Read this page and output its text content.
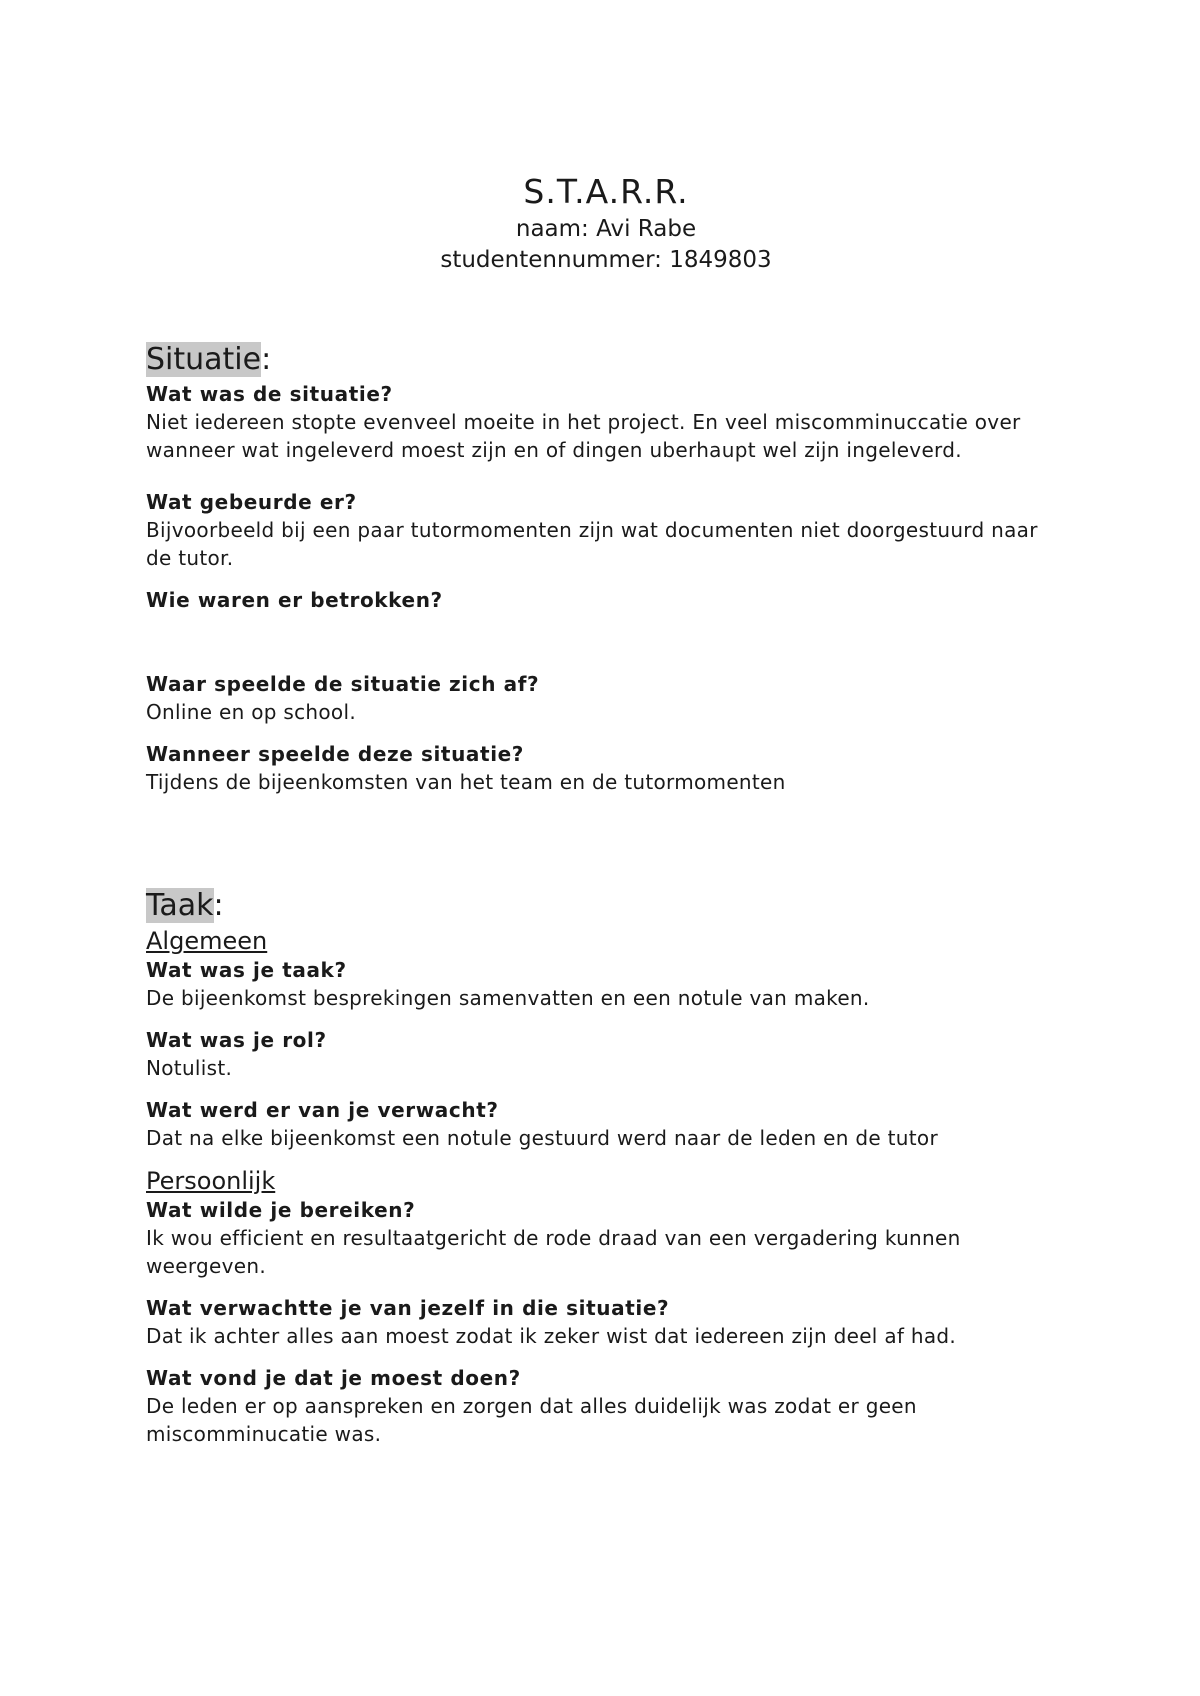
S.T.A.R.R.
naam: Avi Rabe
studentennummer: 1849803
Situatie:
Wat was de situatie?
Niet iedereen stopte evenveel moeite in het project. En veel miscomminuccatie over wanneer wat ingeleverd moest zijn en of dingen uberhaupt wel zijn ingeleverd.
Wat gebeurde er?
Bijvoorbeeld bij een paar tutormomenten zijn wat documenten niet doorgestuurd naar de tutor.
Wie waren er betrokken?
Waar speelde de situatie zich af?
Online en op school.
Wanneer speelde deze situatie?
Tijdens de bijeenkomsten van het team en de tutormomenten
Taak:
Algemeen
Wat was je taak?
De bijeenkomst besprekingen samenvatten en een notule van maken.
Wat was je rol?
Notulist.
Wat werd er van je verwacht?
Dat na elke bijeenkomst een notule gestuurd werd naar de leden en de tutor
Persoonlijk
Wat wilde je bereiken?
Ik wou efficient en resultaatgericht de rode draad van een vergadering kunnen weergeven.
Wat verwachtte je van jezelf in die situatie?
Dat ik achter alles aan moest zodat ik zeker wist dat iedereen zijn deel af had.
Wat vond je dat je moest doen?
De leden er op aanspreken en zorgen dat alles duidelijk was zodat er geen miscomminucatie was.
